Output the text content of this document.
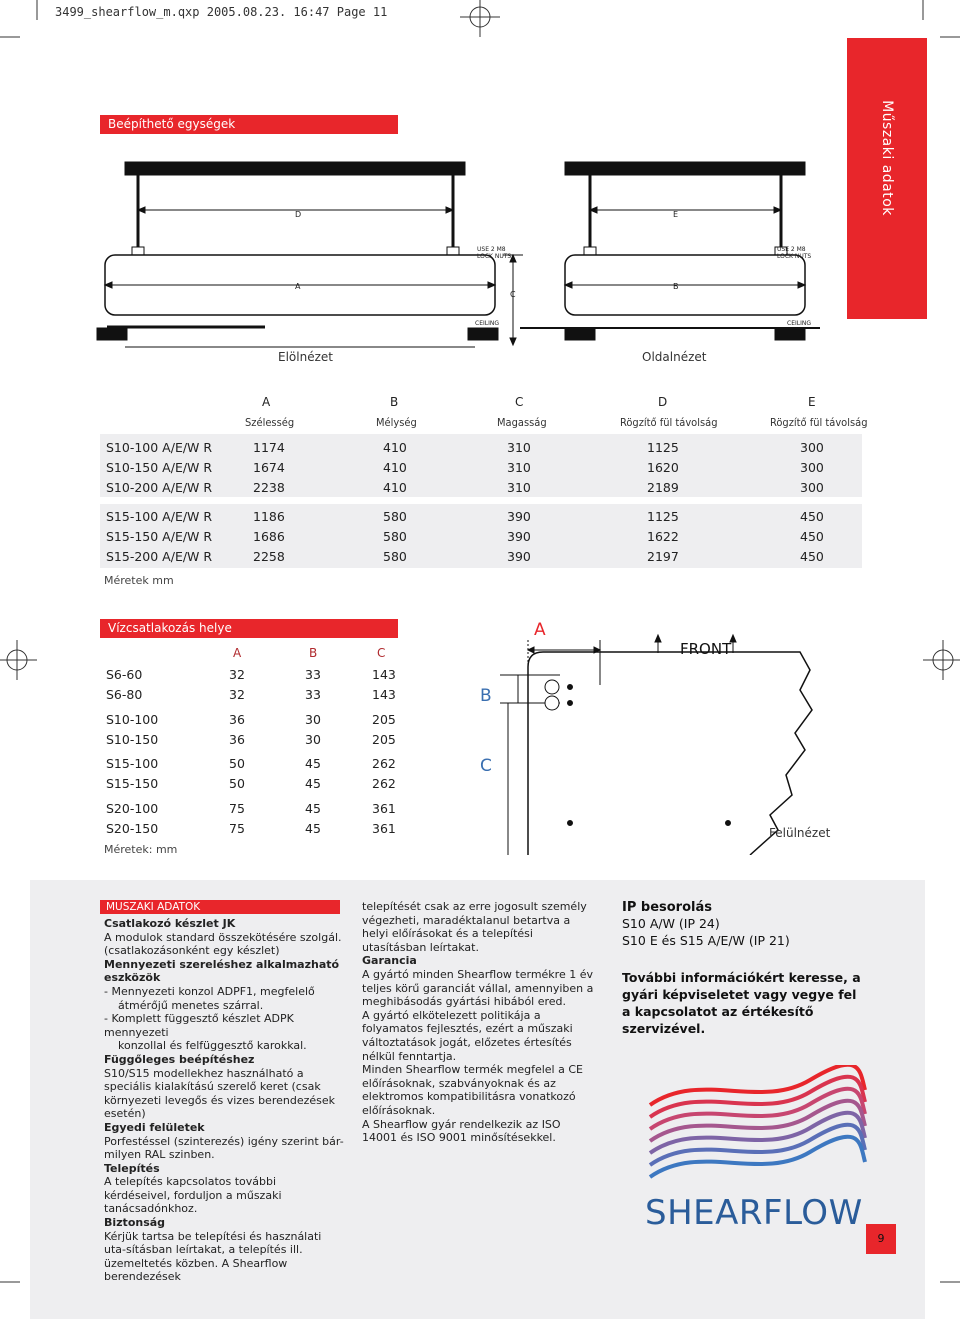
3499_shearflow_m.qxp 2005.08.23. 16:47 Page 11
Beépíthető egységek	Műszaki adatok
D	E
A	B
C
USE 2 M8
LOCK NUTS
USE 2 M8
LOCK NUTS
CEILING	CEILING
Elölnézet	Oldalnézet
A	B	C	D	E
Szélesség	Mélység	Magasság	Rögzítő fül távolság	Rögzítő fül távolság
S10-100 A/E/W R	1174	410	310	1125	300
S10-150 A/E/W R	1674	410	310	1620	300
S10-200 A/E/W R	2238	410	310	2189	300
S15-100 A/E/W R	1186	580	390	1125	450
S15-150 A/E/W R	1686	580	390	1622	450
S15-200 A/E/W R	2258	580	390	2197	450
Méretek mm
Vízcsatlakozás helye
A	B	C
S6-60	32	33	143
S6-80	32	33	143
S10-100	36	30	205
S10-150	36	30	205
S15-100	50	45	262
S15-150	50	45	262
S20-100	75	45	361
S20-150	75	45	361
Méretek: mm
A
B
C
FRONT
Felülnézet
MUSZAKI ADATOK

Csatlakozó készlet JK

A modulok standard összekötésére szolgál.

(csatlakozásonként egy készlet)

Mennyezeti szereléshez alkalmazható eszközök

- Mennyezeti konzol ADPF1, megfelelő

átmérőjű menetes szárral.

- Komplett függesztő készlet ADPK mennyezeti

konzollal és felfüggesztő karokkal.

Függőleges beépítéshez

S10/S15 modellekhez használható a speciális kialakítású szerelő keret (csak környezeti levegős és vizes berendezések esetén)

Egyedi felületek

Porfestéssel (szinterezés) igény szerint bár-milyen RAL szinben.

Telepítés

A telepítés kapcsolatos további kérdéseivel, forduljon a műszaki tanácsadónkhoz.

Biztonság

Kérjük tartsa be telepítési és használati uta-sításban leírtakat, a telepítés ill. üzemeltetés közben. A Shearflow berendezések

telepítését csak az erre jogosult személy végezheti, maradéktalanul betartva a helyi előírásokat és a telepítési utasításban leírtakat.

Garancia

A gyártó minden Shearflow termékre 1 év teljes körű garanciát vállal, amennyiben a meghibásodás gyártási hibából ered.

A gyártó elkötelezett politikája a folyamatos fejlesztés, ezért a műszaki változtatások jogát, előzetes értesítés nélkül fenntartja.

Minden Shearflow termék megfelel a CE előírásoknak, szabványoknak és az elektromos kompatibilitásra vonatkozó előírásoknak.

A Shearflow gyár rendelkezik az ISO 14001 és ISO 9001 minősítésekkel.

IP besorolás
S10 A/W (IP 24)
S10 E és S15 A/E/W (IP 21)
További információkért keresse, a gyári képviseletet vagy vegye fel a kapcsolatot az értékesítő szervizével.
SHEARFLOW
9
